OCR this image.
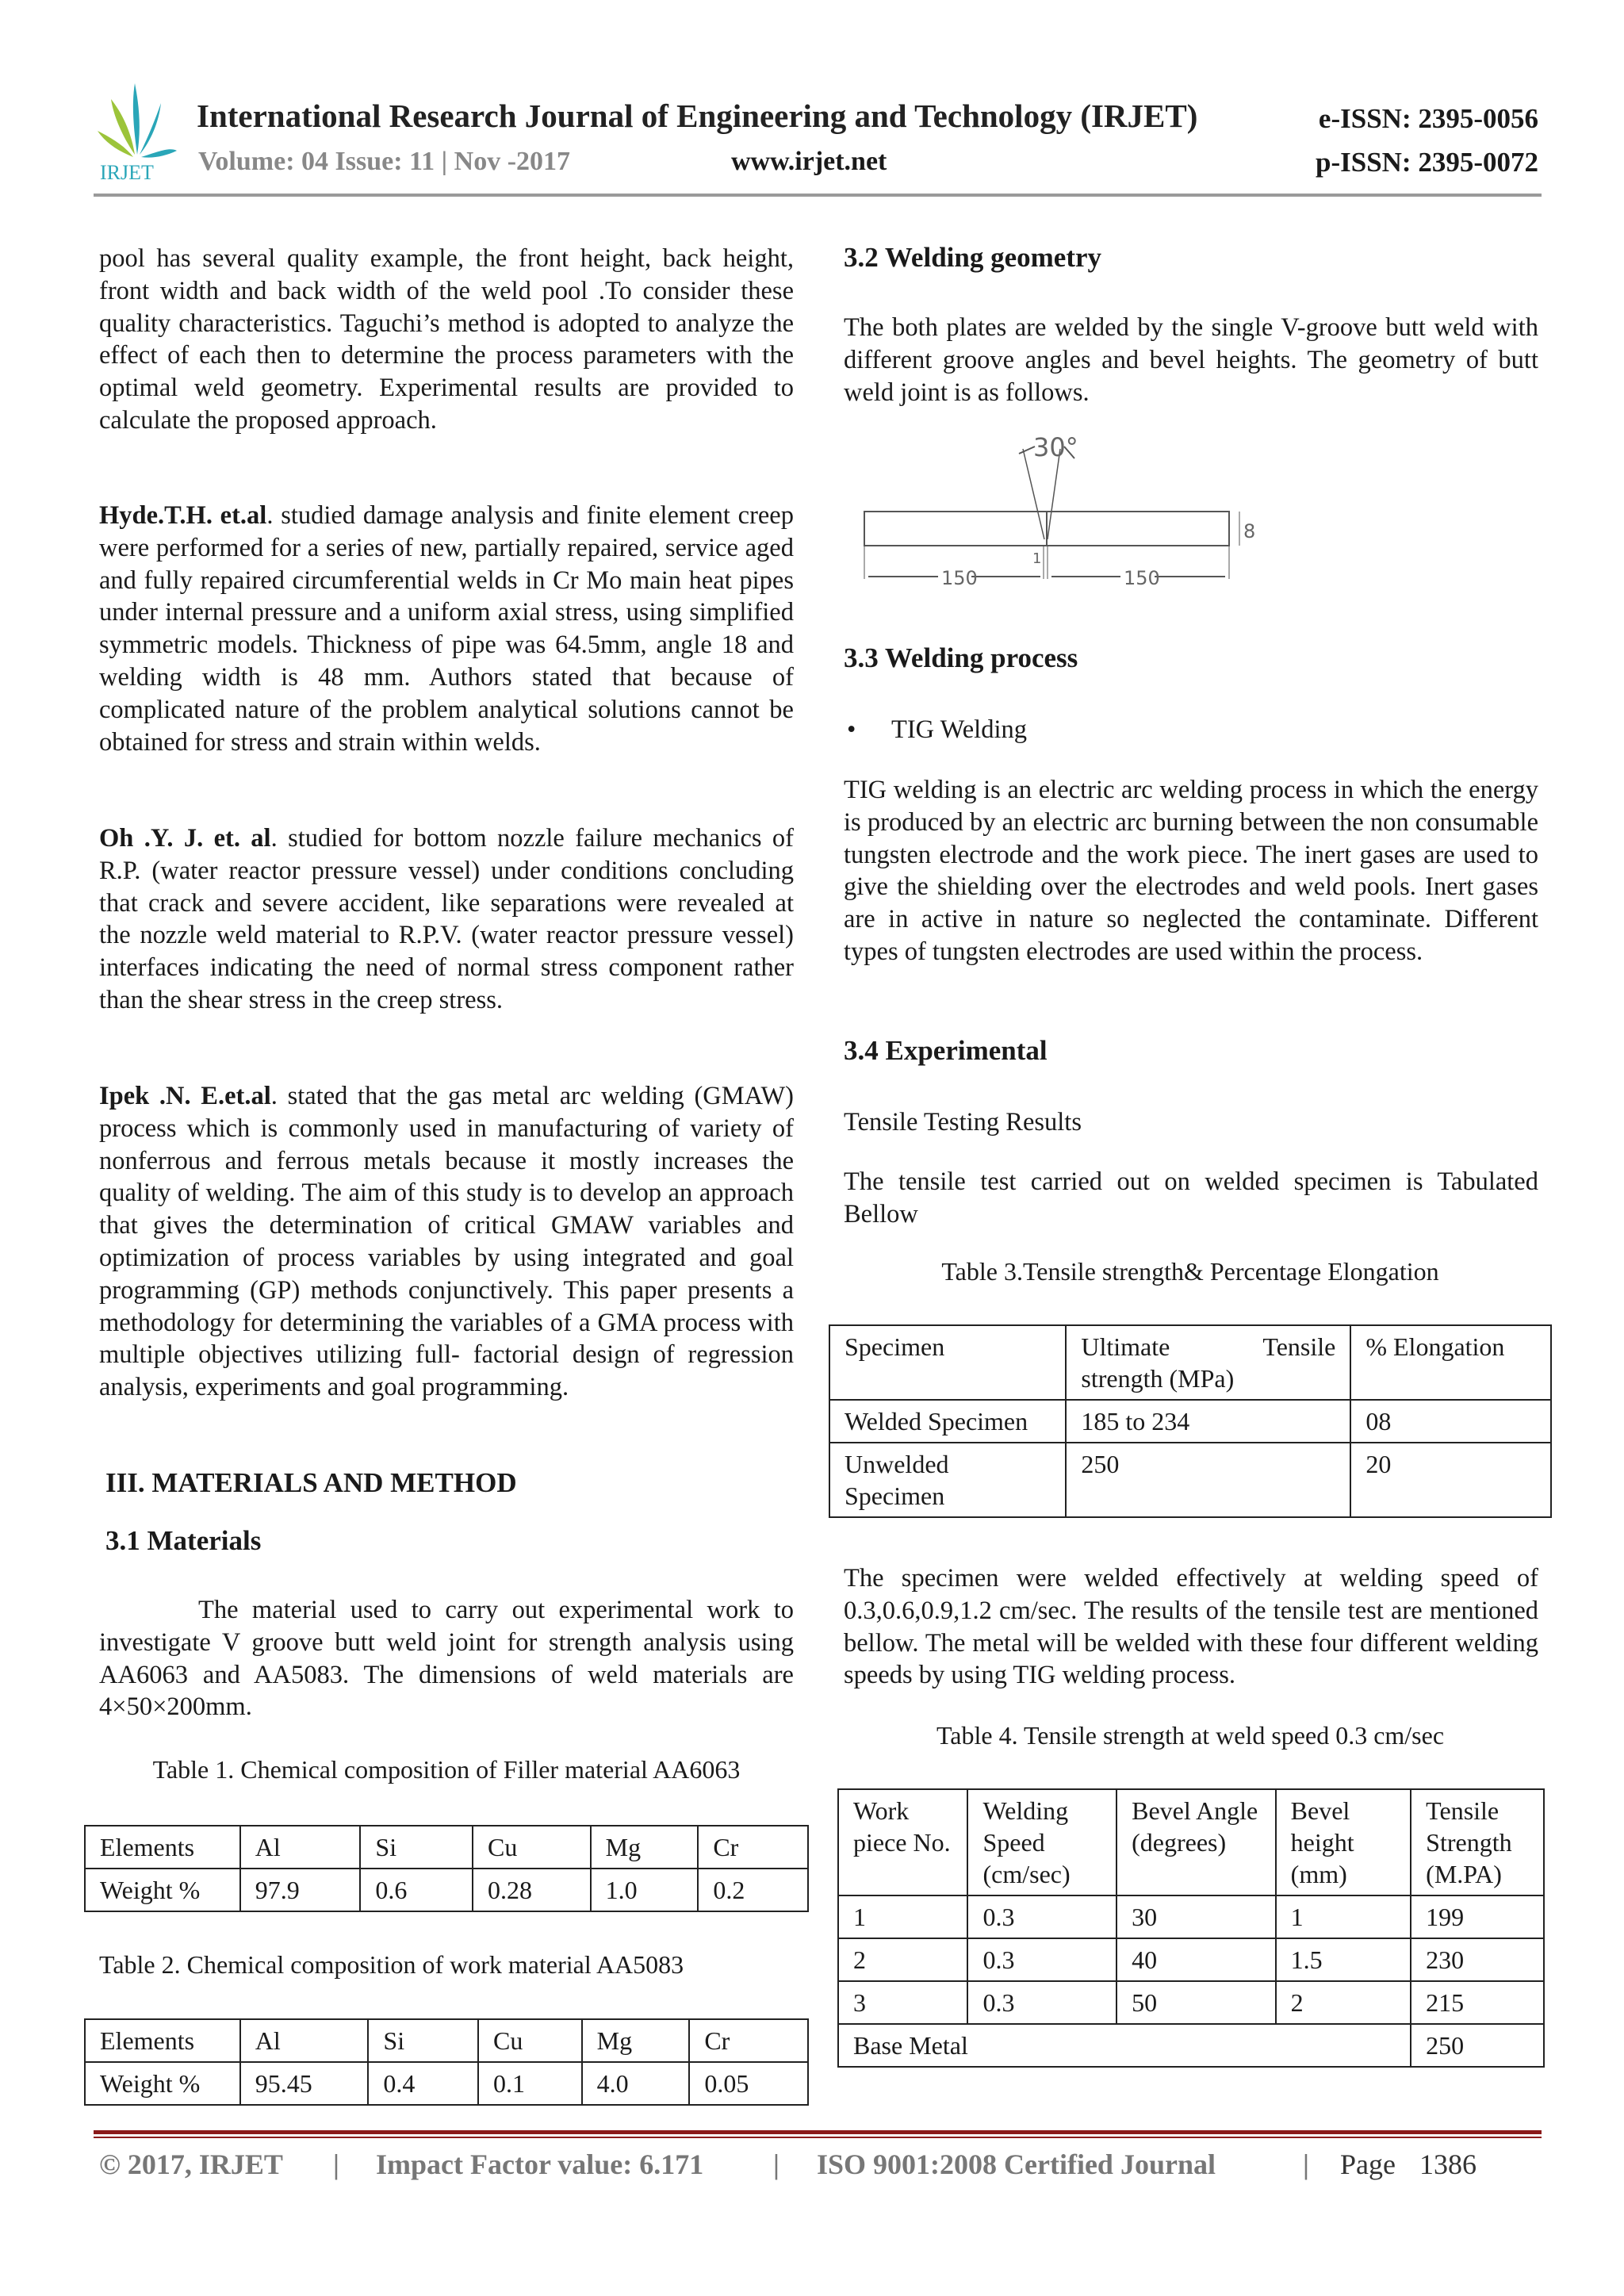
IRJET
International Research Journal of Engineering and Technology (IRJET)	e-ISSN: 2395-0056
Volume: 04 Issue: 11 | Nov -2017	www.irjet.net	p-ISSN: 2395-0072
pool has several quality example, the front height, back height, front width and back width of the weld pool .To consider these quality characteristics. Taguchi’s method is adopted to analyze the effect of each then to determine the process parameters with the optimal weld geometry. Experimental results are provided to calculate the proposed approach.
Hyde.T.H. et.al. studied damage analysis and finite element creep were performed for a series of new, partially repaired, service aged and fully repaired circumferential welds in Cr Mo main heat pipes under internal pressure and a uniform axial stress, using simplified symmetric models. Thickness of pipe was 64.5mm, angle 18 and welding width is 48 mm. Authors stated that because of complicated nature of the problem analytical solutions cannot be obtained for stress and strain within welds.
Oh .Y. J. et. al. studied for bottom nozzle failure mechanics of R.P. (water reactor pressure vessel) under conditions concluding that crack and severe accident, like separations were revealed at the nozzle weld material to R.P.V. (water reactor pressure vessel) interfaces indicating the need of normal stress component rather than the shear stress in the creep stress.
Ipek .N. E.et.al. stated that the gas metal arc welding (GMAW) process which is commonly used in manufacturing of variety of nonferrous and ferrous metals because it mostly increases the quality of welding. The aim of this study is to develop an approach that gives the determination of critical GMAW variables and optimization of process variables by using integrated and goal programming (GP) methods conjunctively. This paper presents a methodology for determining the variables of a GMA process with multiple objectives utilizing full- factorial design of regression analysis, experiments and goal programming.
III. MATERIALS AND METHOD
3.1 Materials
The material used to carry out experimental work to investigate V groove butt weld joint for strength analysis using AA6063 and AA5083. The dimensions of weld materials are 4×50×200mm.
Table 1. Chemical composition of Filler material AA6063
Elements	Al	Si	Cu	Mg	Cr
Weight %	97.9	0.6	0.28	1.0	0.2
Table 2. Chemical composition of work material AA5083
Elements	Al	Si	Cu	Mg	Cr
Weight %	95.45	0.4	0.1	4.0	0.05
3.2 Welding geometry
The both plates are welded by the single V-groove butt weld with different groove angles and bevel heights. The geometry of butt weld joint is as follows.
30°
150	150
8
1
3.3 Welding process
• TIG Welding
TIG welding is an electric arc welding process in which the energy is produced by an electric arc burning between the non consumable tungsten electrode and the work piece. The inert gases are used to give the shielding over the electrodes and weld pools. Inert gases are in active in nature so neglected the contaminate. Different types of tungsten electrodes are used within the process.
3.4 Experimental
Tensile Testing Results
The tensile test carried out on welded specimen is Tabulated Bellow
Table 3.Tensile strength& Percentage Elongation
Specimen	Ultimate Tensile strength (MPa)	% Elongation
Welded Specimen	185 to 234	08
Unwelded Specimen	250	20
The specimen were welded effectively at welding speed of 0.3,0.6,0.9,1.2 cm/sec. The results of the tensile test are mentioned bellow. The metal will be welded with these four different welding speeds by using TIG welding process.
Table 4. Tensile strength at weld speed 0.3 cm/sec
Work piece No.	Welding Speed (cm/sec)	Bevel Angle (degrees)	Bevel height (mm)	Tensile Strength (M.PA)
1	0.3	30	1	199
2	0.3	40	1.5	230
3	0.3	50	2	215
Base Metal				250
© 2017, IRJET | Impact Factor value: 6.171 | ISO 9001:2008 Certified Journal	| Page 1386
